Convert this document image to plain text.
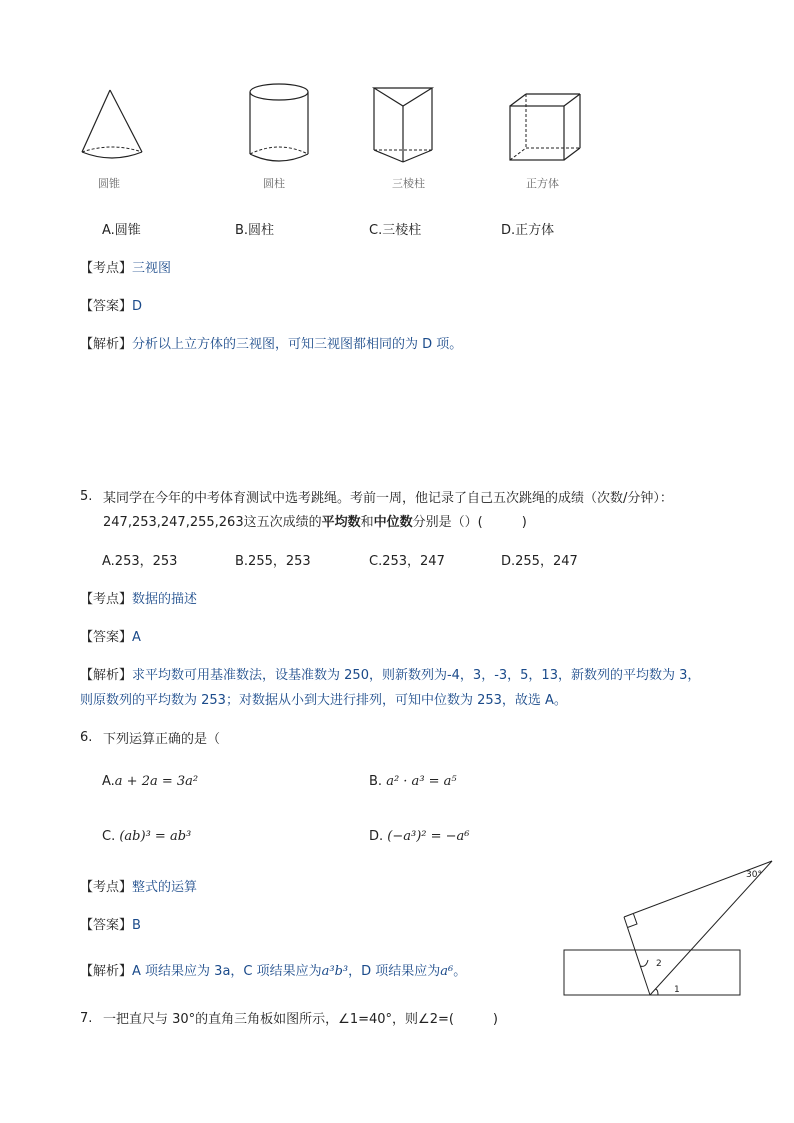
圆锥	圆柱	三棱柱	正方体
A.圆锥	B.圆柱	C.三棱柱	D.正方体
【考点】三视图
【答案】D
【解析】分析以上立方体的三视图，可知三视图都相同的为 D 项。
5. 某同学在今年的中考体育测试中选考跳绳。考前一周，他记录了自己五次跳绳的成绩（次数/分钟）：
247,253,247,255,263这五次成绩的平均数和中位数分别是（）(　　　)
A.253，253	B.255，253	C.253，247	D.255，247
【考点】数据的描述
【答案】A
【解析】求平均数可用基准数法，设基准数为 250，则新数列为-4，3，-3，5，13，新数列的平均数为 3，
则原数列的平均数为 253；对数据从小到大进行排列，可知中位数为 253，故选 A。
6. 下列运算正确的是（
A.a + 2a = 3a²	B. a² · a³ = a⁵
C. (ab)³ = ab³	D. (−a³)² = −a⁶
【考点】整式的运算
【答案】B
【解析】A 项结果应为 3a，C 项结果应为a³b³，D 项结果应为a⁶。
30°
2
1
7. 一把直尺与 30°的直角三角板如图所示，∠1=40°，则∠2=(　　　)
